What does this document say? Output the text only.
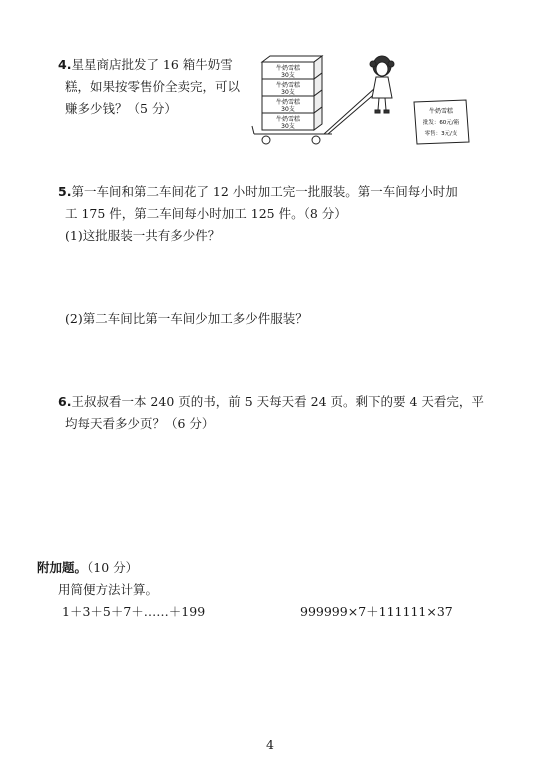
4.星星商店批发了 16 箱牛奶雪
糕，如果按零售价全卖完，可以
赚多少钱？（5 分）
牛奶雪糕
30支
牛奶雪糕
30支
牛奶雪糕
30支
牛奶雪糕
30支
牛奶雪糕
批发：60元/箱
零售：3元/支
5.第一车间和第二车间花了 12 小时加工完一批服装。第一车间每小时加
工 175 件，第二车间每小时加工 125 件。（8 分）
(1)这批服装一共有多少件？
(2)第二车间比第一车间少加工多少件服装？
6.王叔叔看一本 240 页的书，前 5 天每天看 24 页。剩下的要 4 天看完，平
均每天看多少页？（6 分）
附加题。（10 分）
用简便方法计算。
1＋3＋5＋7＋……＋199	999999×7＋111111×37
4
